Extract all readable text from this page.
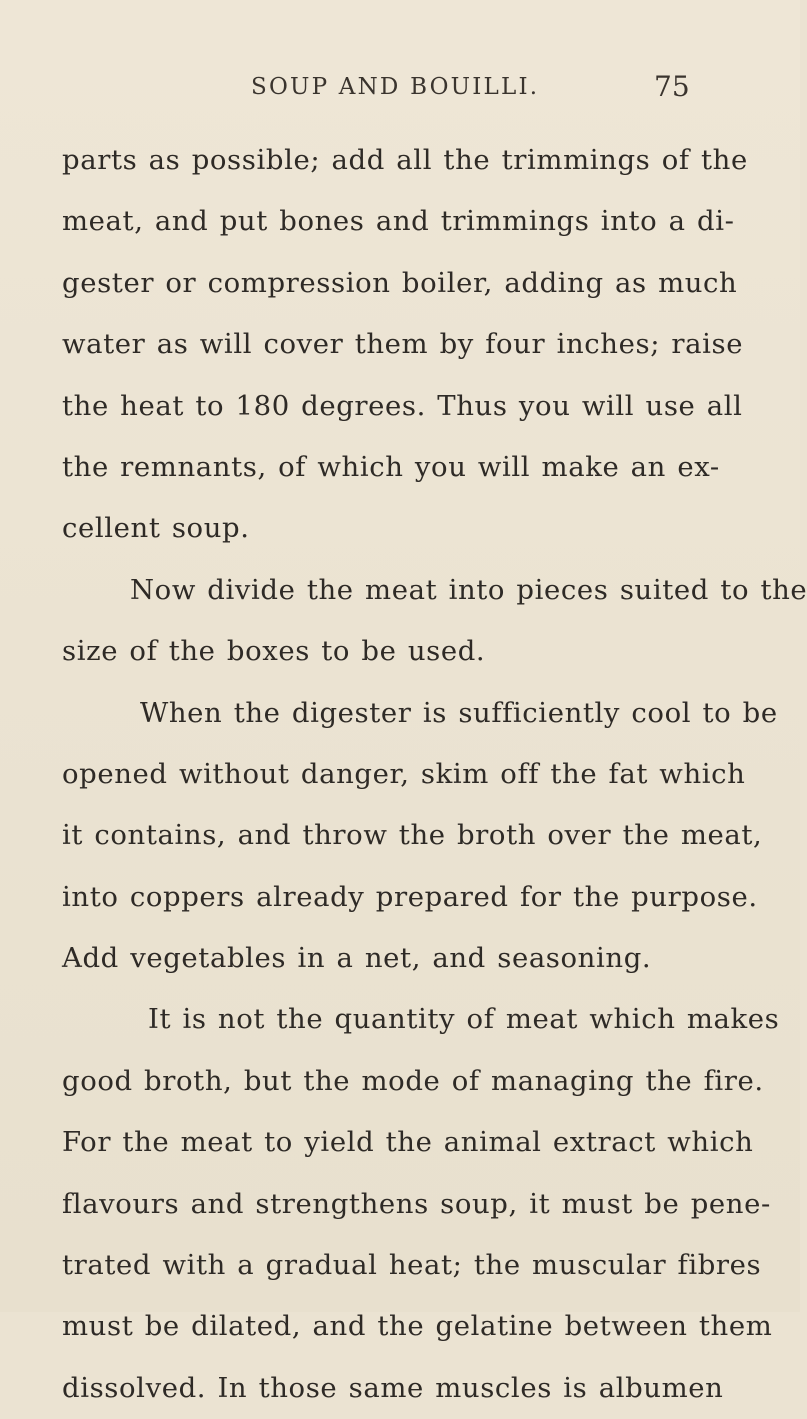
SOUP AND BOUILLI.	75
parts as possible; add all the trimmings of the
meat, and put bones and trimmings into a di-
gester or compression boiler, adding as much
water as will cover them by four inches; raise
the heat to 180 degrees. Thus you will use all
the remnants, of which you will make an ex-
cellent soup.
Now divide the meat into pieces suited to the
size of the boxes to be used.
When the digester is sufficiently cool to be
opened without danger, skim off the fat which
it contains, and throw the broth over the meat,
into coppers already prepared for the purpose.
Add vegetables in a net, and seasoning.
It is not the quantity of meat which makes
good broth, but the mode of managing the fire.
For the meat to yield the animal extract which
flavours and strengthens soup, it must be pene-
trated with a gradual heat; the muscular fibres
must be dilated, and the gelatine between them
dissolved. In those same muscles is albumen
